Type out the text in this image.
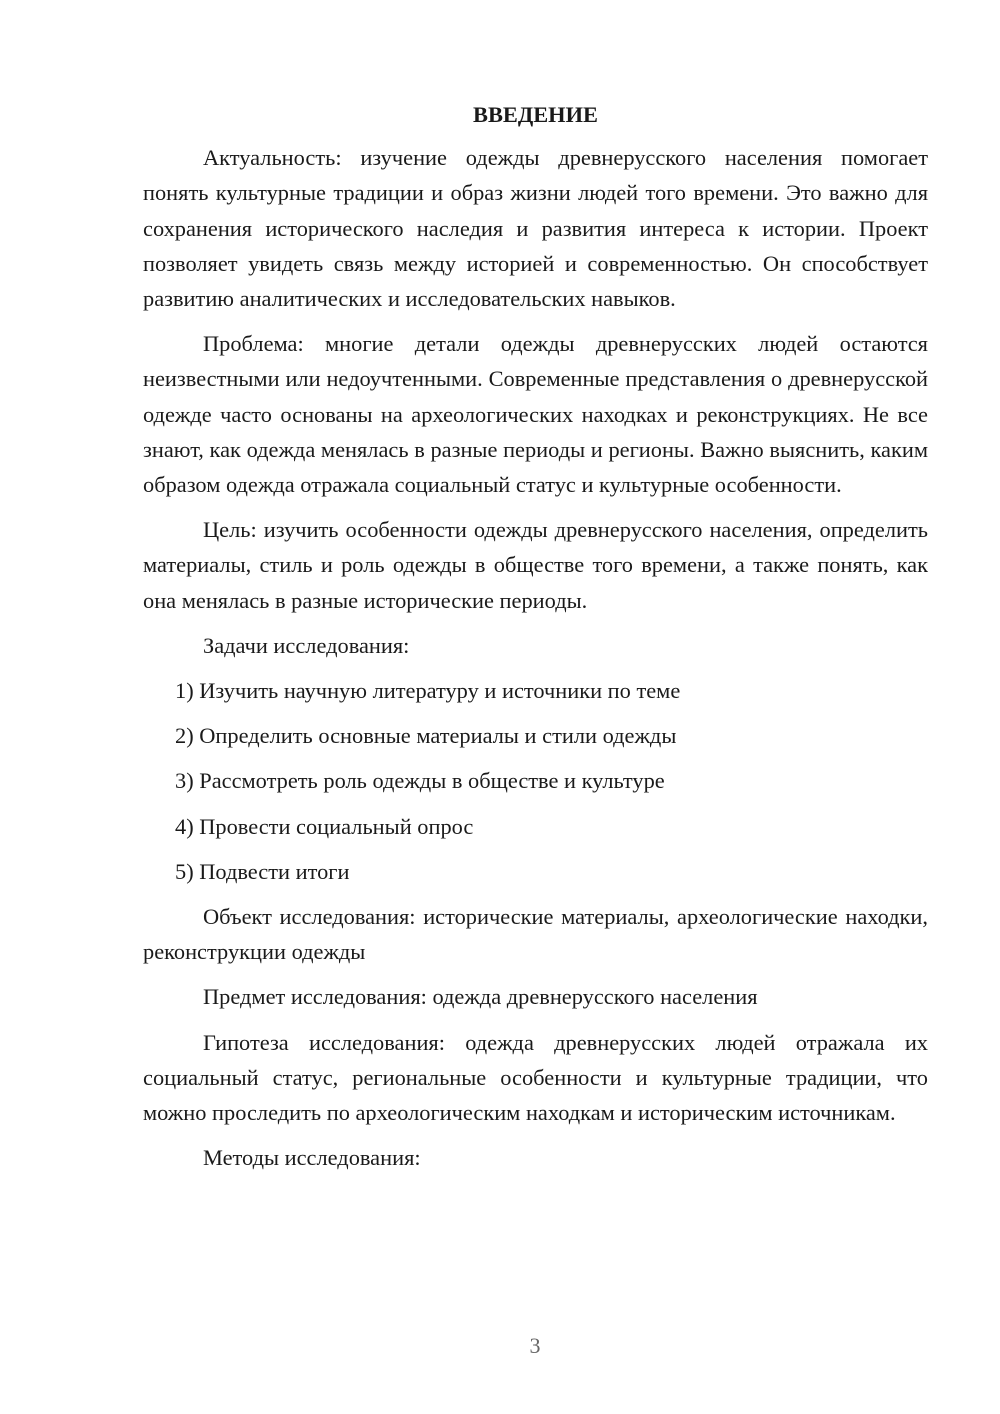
ВВЕДЕНИЕ

Актуальность: изучение одежды древнерусского населения помогает понять культурные традиции и образ жизни людей того времени. Это важно для сохранения исторического наследия и развития интереса к истории. Проект позволяет увидеть связь между историей и современностью. Он способствует развитию аналитических и исследовательских навыков.

Проблема: многие детали одежды древнерусских людей остаются неизвестными или недоучтенными. Современные представления о древнерусской одежде часто основаны на археологических находках и реконструкциях. Не все знают, как одежда менялась в разные периоды и регионы. Важно выяснить, каким образом одежда отражала социальный статус и культурные особенности.

Цель: изучить особенности одежды древнерусского населения, определить материалы, стиль и роль одежды в обществе того времени, а также понять, как она менялась в разные исторические периоды.

Задачи исследования:

1) Изучить научную литературу и источники по теме
2) Определить основные материалы и стили одежды
3) Рассмотреть роль одежды в обществе и культуре
4) Провести социальный опрос
5) Подвести итоги

Объект исследования: исторические материалы, археологические находки, реконструкции одежды

Предмет исследования: одежда древнерусского населения

Гипотеза исследования: одежда древнерусских людей отражала их социальный статус, региональные особенности и культурные традиции, что можно проследить по археологическим находкам и историческим источникам.

Методы исследования:

3
